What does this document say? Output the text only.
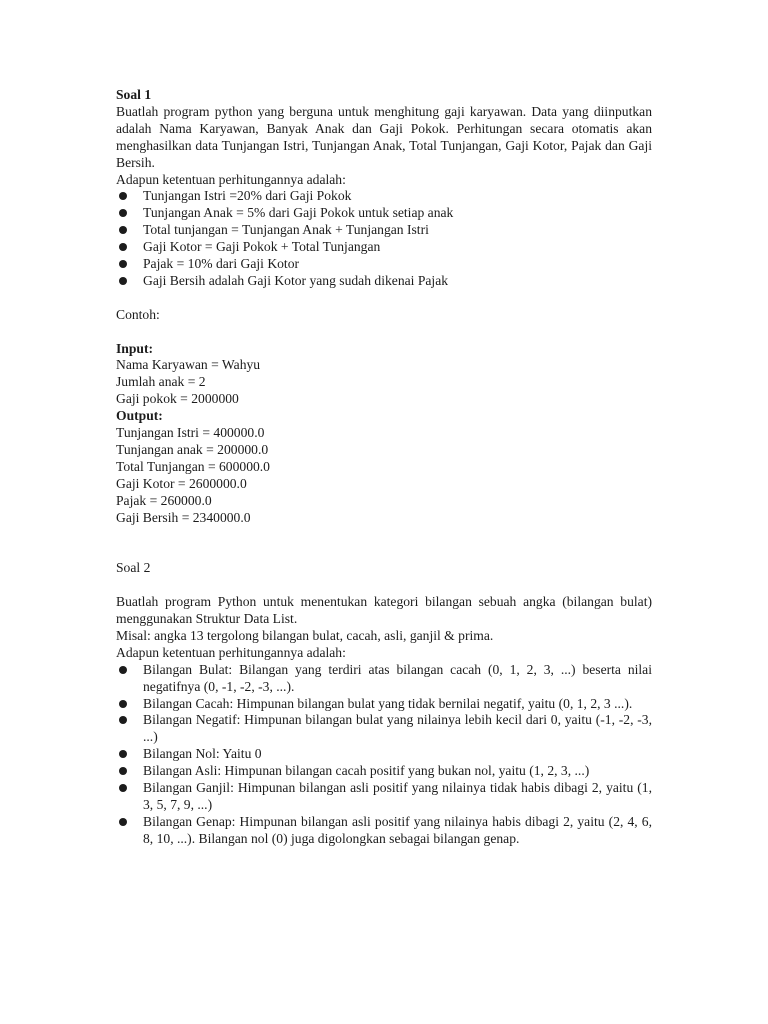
Soal 1

Buatlah program python yang berguna untuk menghitung gaji karyawan. Data yang diinputkan adalah Nama Karyawan, Banyak Anak dan Gaji Pokok. Perhitungan secara otomatis akan menghasilkan data Tunjangan Istri, Tunjangan Anak, Total Tunjangan, Gaji Kotor, Pajak dan Gaji Bersih.

Adapun ketentuan perhitungannya adalah:

Tunjangan Istri =20% dari Gaji Pokok
Tunjangan Anak = 5% dari Gaji Pokok untuk setiap anak
Total tunjangan = Tunjangan Anak + Tunjangan Istri
Gaji Kotor = Gaji Pokok + Total Tunjangan
Pajak = 10% dari Gaji Kotor
Gaji Bersih adalah Gaji Kotor yang sudah dikenai Pajak

Contoh:

Input:

Nama Karyawan = Wahyu

Jumlah anak = 2

Gaji pokok = 2000000

Output:

Tunjangan Istri = 400000.0

Tunjangan anak = 200000.0

Total Tunjangan = 600000.0

Gaji Kotor = 2600000.0

Pajak = 260000.0

Gaji Bersih = 2340000.0

Soal 2

Buatlah program Python untuk menentukan kategori bilangan sebuah angka (bilangan bulat) menggunakan Struktur Data List.

Misal: angka 13 tergolong bilangan bulat, cacah, asli, ganjil & prima.

Adapun ketentuan perhitungannya adalah:

Bilangan Bulat: Bilangan yang terdiri atas bilangan cacah (0, 1, 2, 3, ...) beserta nilai negatifnya (0, -1, -2, -3, ...).
Bilangan Cacah: Himpunan bilangan bulat yang tidak bernilai negatif, yaitu (0, 1, 2, 3 ...).
Bilangan Negatif: Himpunan bilangan bulat yang nilainya lebih kecil dari 0, yaitu (-1, -2, -3, ...)
Bilangan Nol: Yaitu 0
Bilangan Asli: Himpunan bilangan cacah positif yang bukan nol, yaitu (1, 2, 3, ...)
Bilangan Ganjil: Himpunan bilangan asli positif yang nilainya tidak habis dibagi 2, yaitu (1, 3, 5, 7, 9, ...)
Bilangan Genap: Himpunan bilangan asli positif yang nilainya habis dibagi 2, yaitu (2, 4, 6, 8, 10, ...). Bilangan nol (0) juga digolongkan sebagai bilangan genap.
